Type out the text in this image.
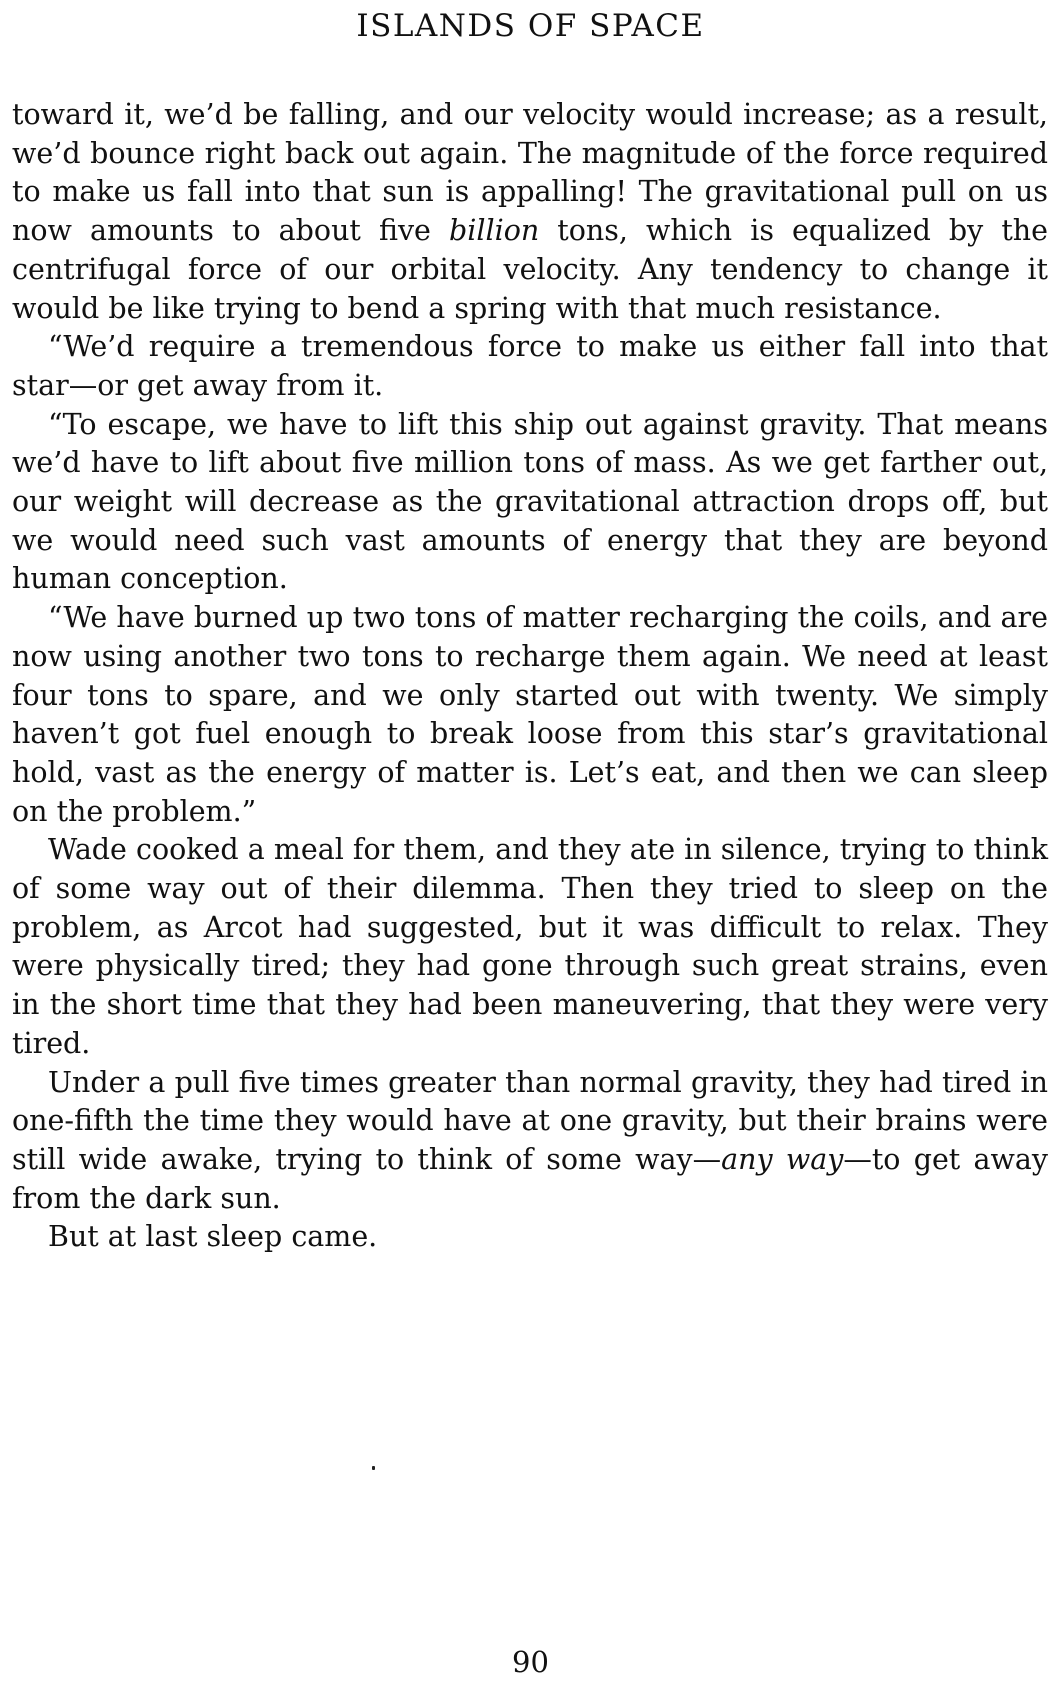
ISLANDS OF SPACE

toward it, we’d be falling, and our velocity would increase; as a result, we’d bounce right back out again. The magnitude of the force required to make us fall into that sun is appalling! The gravitational pull on us now amounts to about five billion tons, which is equalized by the centrifugal force of our orbital velocity. Any tendency to change it would be like trying to bend a spring with that much resistance.

“We’d require a tremendous force to make us either fall into that star—or get away from it.

“To escape, we have to lift this ship out against gravity. That means we’d have to lift about five million tons of mass. As we get farther out, our weight will decrease as the gravitational attraction drops off, but we would need such vast amounts of energy that they are beyond human conception.

“We have burned up two tons of matter recharging the coils, and are now using another two tons to recharge them again. We need at least four tons to spare, and we only started out with twenty. We simply haven’t got fuel enough to break loose from this star’s gravitational hold, vast as the energy of matter is. Let’s eat, and then we can sleep on the problem.”

Wade cooked a meal for them, and they ate in silence, trying to think of some way out of their dilemma. Then they tried to sleep on the problem, as Arcot had suggested, but it was difficult to relax. They were physically tired; they had gone through such great strains, even in the short time that they had been maneuvering, that they were very tired.

Under a pull five times greater than normal gravity, they had tired in one-fifth the time they would have at one gravity, but their brains were still wide awake, trying to think of some way—any way—to get away from the dark sun.

But at last sleep came.

90
